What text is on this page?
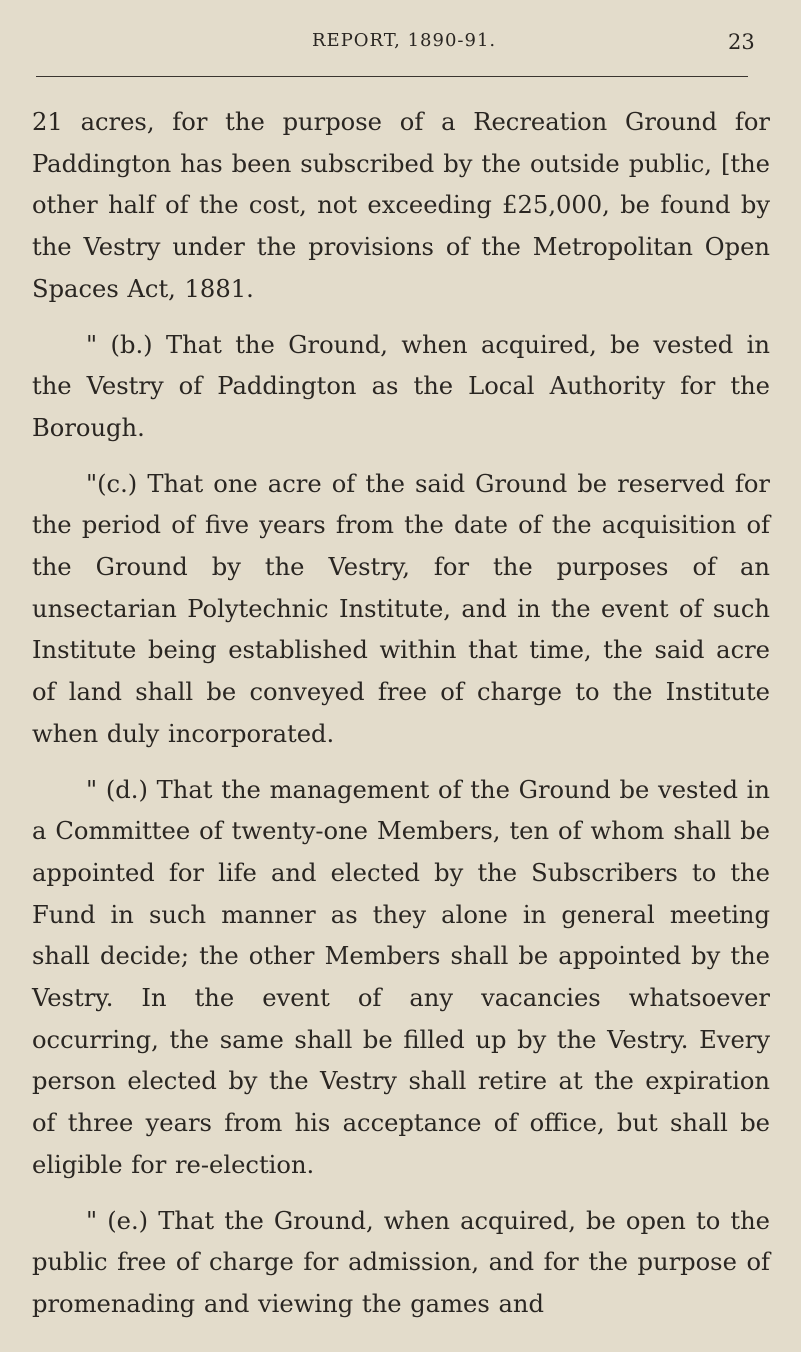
REPORT, 1890-91.	23

21 acres, for the purpose of a Recreation Ground for Paddington has been subscribed by the outside public, [the other half of the cost, not exceeding £25,000, be found by the Vestry under the provisions of the Metropolitan Open Spaces Act, 1881.

" (b.) That the Ground, when acquired, be vested in the Vestry of Paddington as the Local Authority for the Borough.

"(c.) That one acre of the said Ground be reserved for the period of five years from the date of the acquisition of the Ground by the Vestry, for the purposes of an unsectarian Polytechnic Institute, and in the event of such Institute being established within that time, the said acre of land shall be conveyed free of charge to the Institute when duly incorporated.

" (d.) That the management of the Ground be vested in a Committee of twenty-one Members, ten of whom shall be appointed for life and elected by the Subscribers to the Fund in such manner as they alone in general meeting shall decide; the other Members shall be appointed by the Vestry. In the event of any vacancies whatsoever occurring, the same shall be filled up by the Vestry. Every person elected by the Vestry shall retire at the expiration of three years from his acceptance of office, but shall be eligible for re-election.

" (e.) That the Ground, when acquired, be open to the public free of charge for admission, and for the purpose of promenading and viewing the games and
